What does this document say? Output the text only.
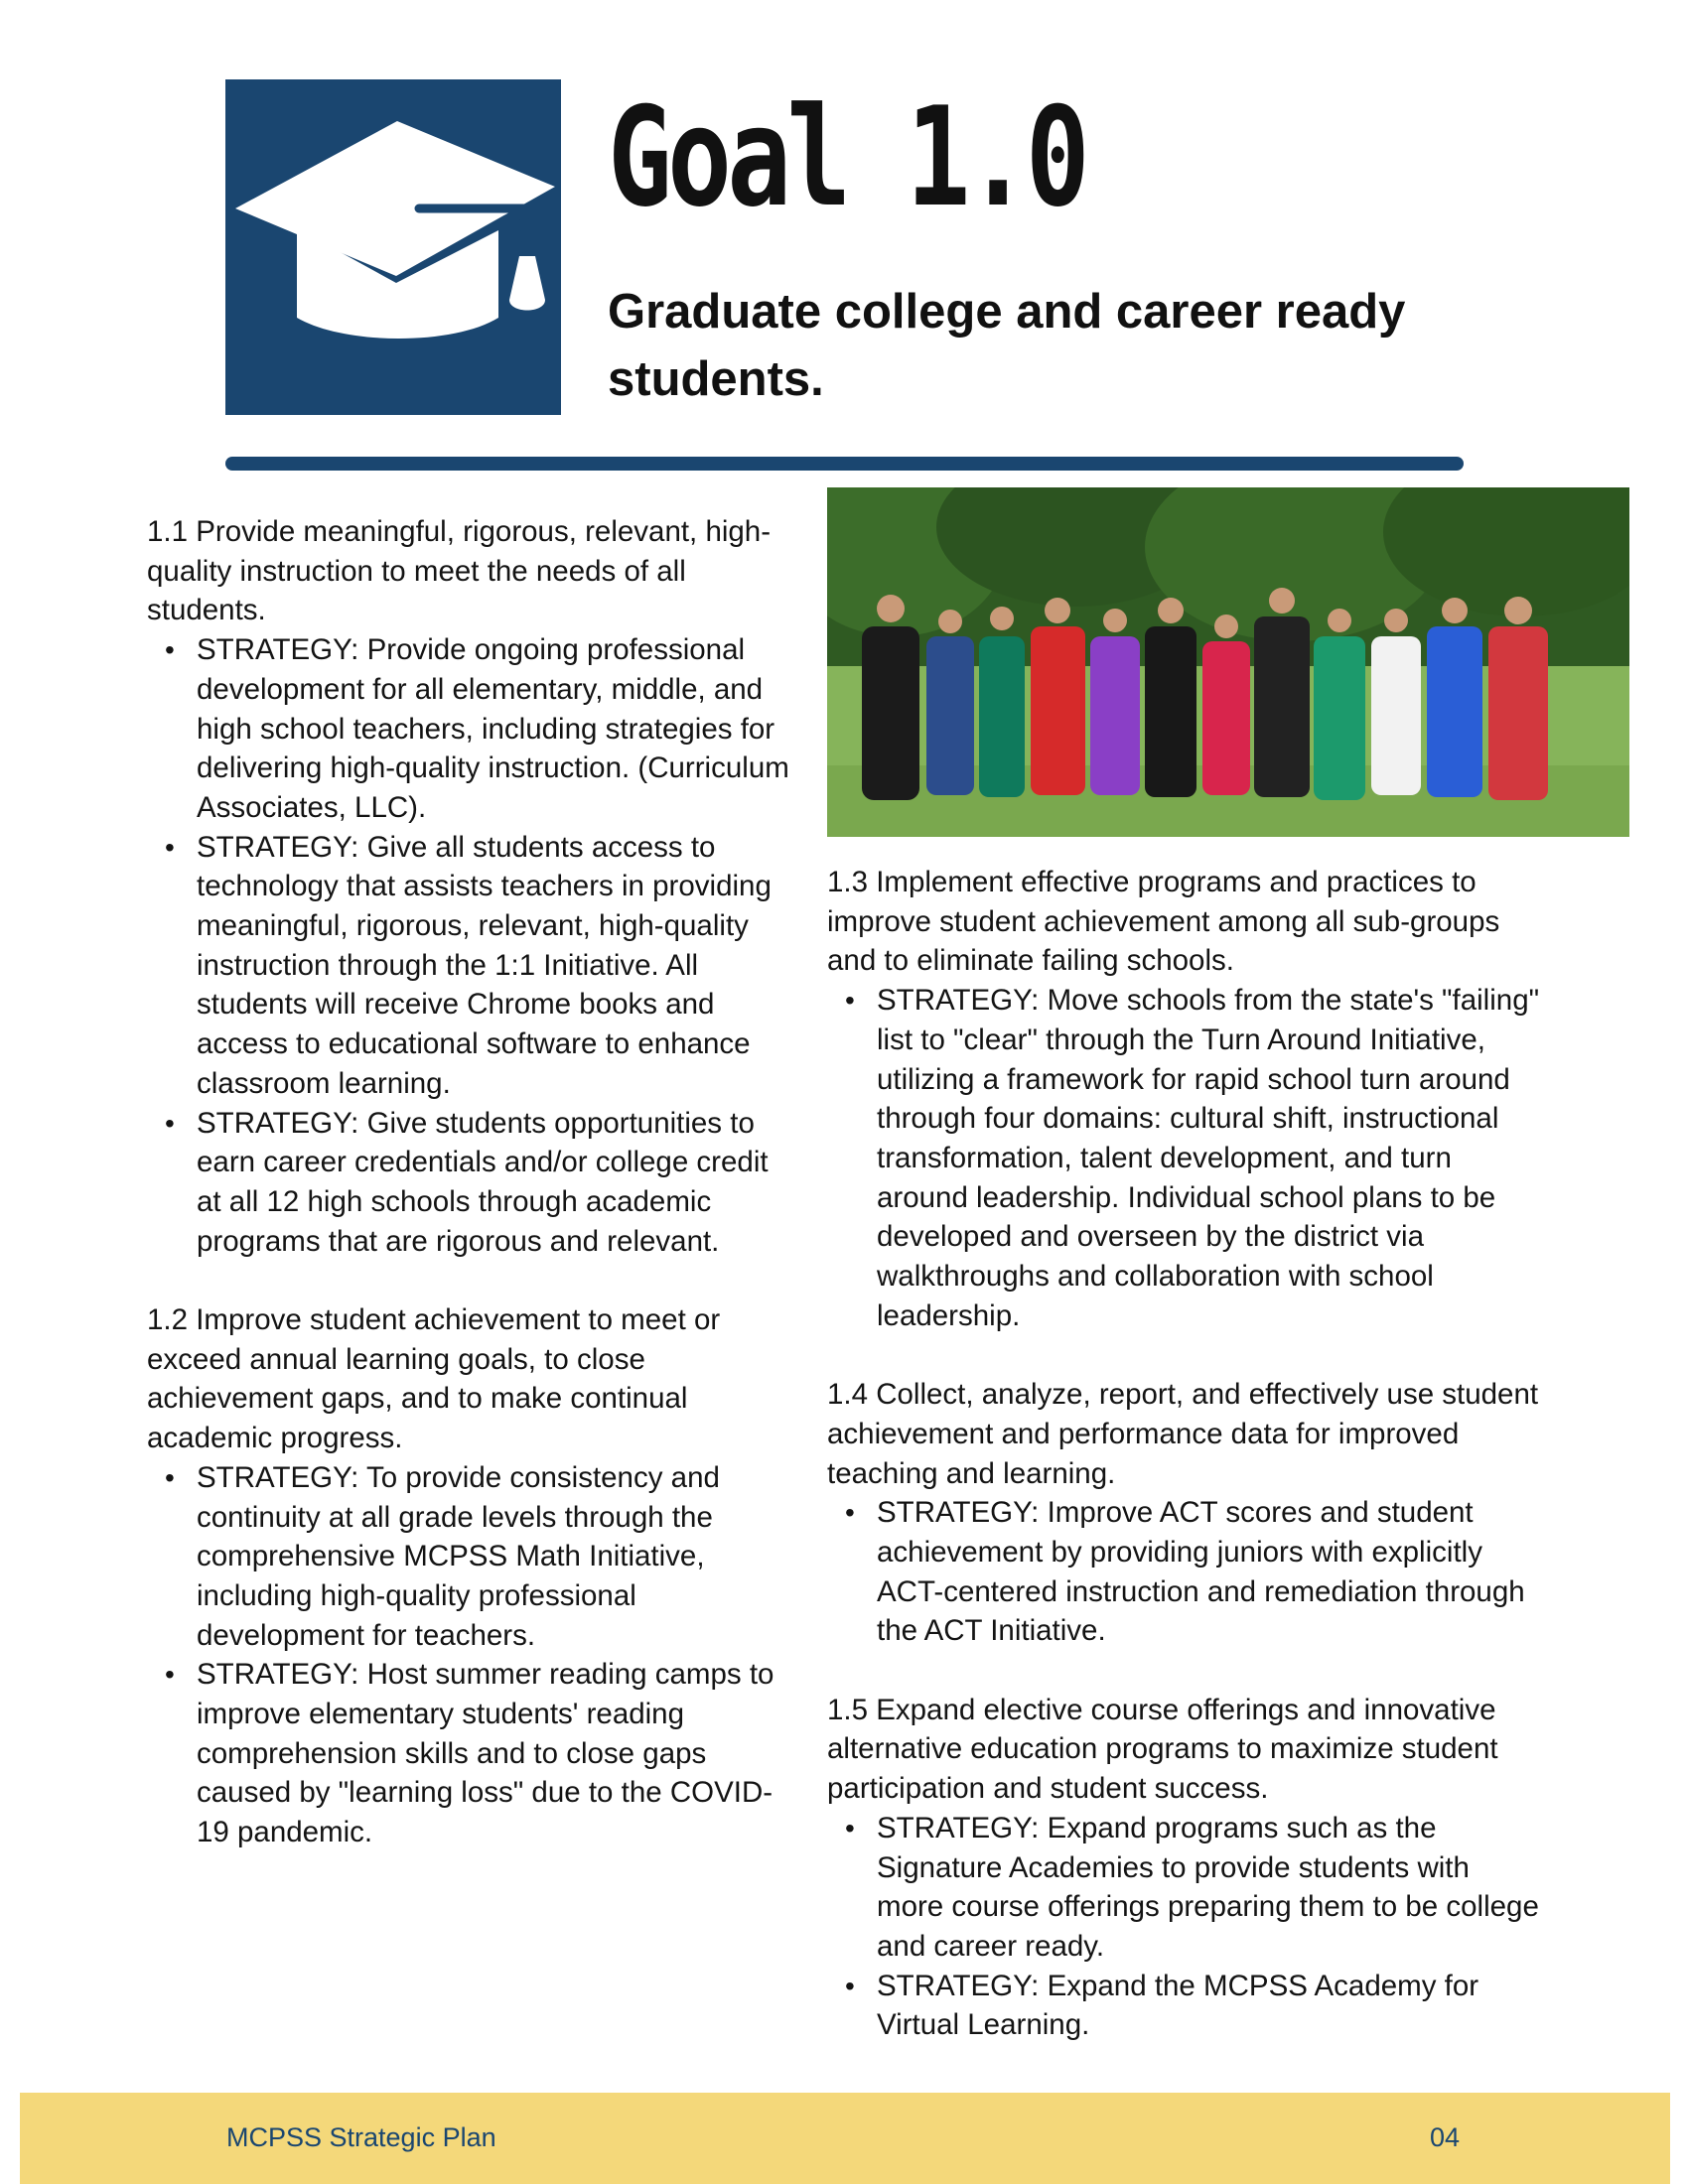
Goal 1.0
Graduate college and career ready students.

1.1 Provide meaningful, rigorous, relevant, high-quality instruction to meet the needs of all students.

• STRATEGY: Provide ongoing professional development for all elementary, middle, and high school teachers, including strategies for delivering high-quality instruction. (Curriculum Associates, LLC).
• STRATEGY: Give all students access to technology that assists teachers in providing meaningful, rigorous, relevant, high-quality instruction through the 1:1 Initiative. All students will receive Chrome books and access to educational software to enhance classroom learning.
• STRATEGY: Give students opportunities to earn career credentials and/or college credit at all 12 high schools through academic programs that are rigorous and relevant.

1.2 Improve student achievement to meet or exceed annual learning goals, to close achievement gaps, and to make continual academic progress.

• STRATEGY: To provide consistency and continuity at all grade levels through the comprehensive MCPSS Math Initiative, including high-quality professional development for teachers.
• STRATEGY: Host summer reading camps to improve elementary students' reading comprehension skills and to close gaps caused by "learning loss" due to the COVID-19 pandemic.

1.3 Implement effective programs and practices to improve student achievement among all sub-groups and to eliminate failing schools.

• STRATEGY: Move schools from the state's "failing" list to "clear" through the Turn Around Initiative, utilizing a framework for rapid school turn around through four domains: cultural shift, instructional transformation, talent development, and turn around leadership. Individual school plans to be developed and overseen by the district via walkthroughs and collaboration with school leadership.

1.4 Collect, analyze, report, and effectively use student achievement and performance data for improved teaching and learning.

• STRATEGY: Improve ACT scores and student achievement by providing juniors with explicitly ACT-centered instruction and remediation through the ACT Initiative.

1.5 Expand elective course offerings and innovative alternative education programs to maximize student participation and student success.

• STRATEGY: Expand programs such as the Signature Academies to provide students with more course offerings preparing them to be college and career ready.
• STRATEGY: Expand the MCPSS Academy for Virtual Learning.
MCPSS Strategic Plan	04
